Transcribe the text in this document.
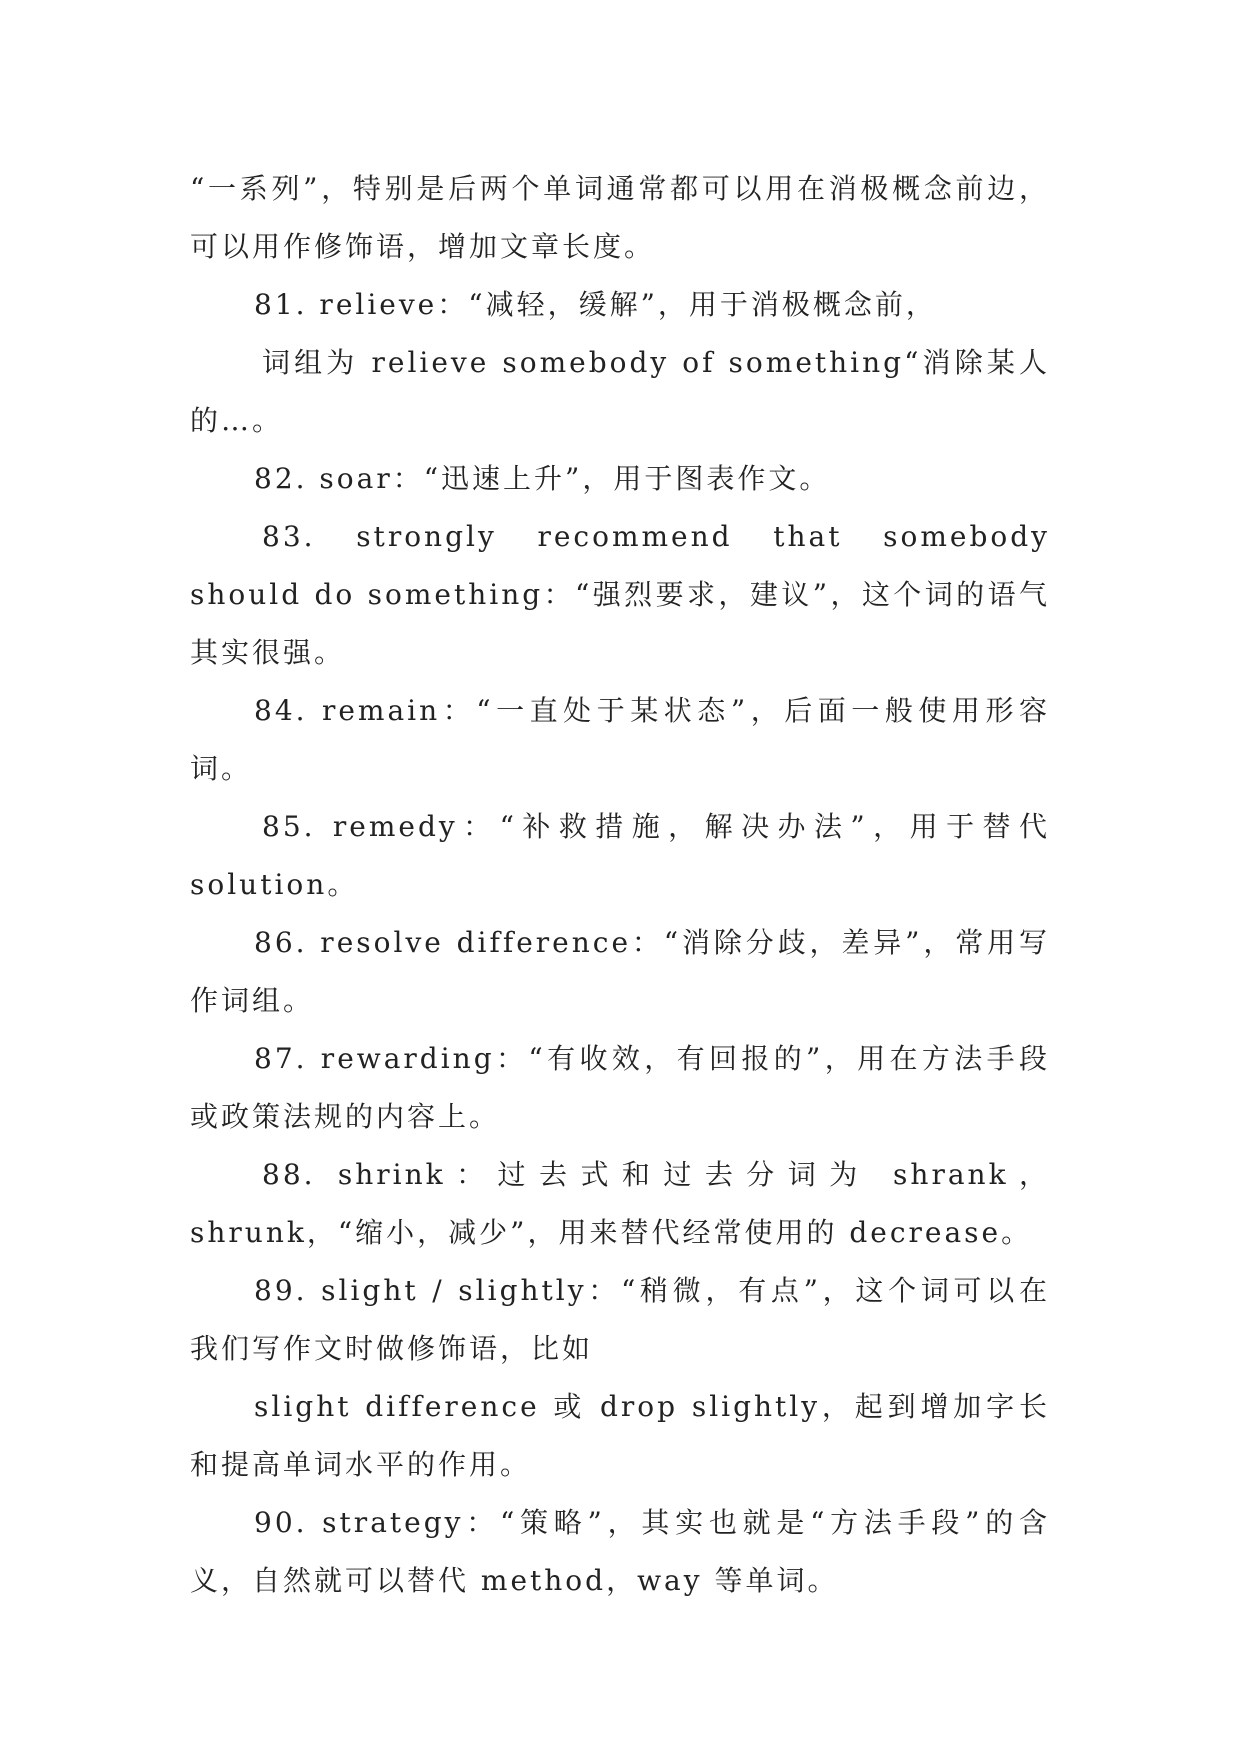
“一系列”，特别是后两个单词通常都可以用在消极概念前边，可以用作修饰语，增加文章长度。

81. relieve：“减轻，缓解”，用于消极概念前，

词组为 relieve somebody of something“消除某人的…。

82. soar：“迅速上升”，用于图表作文。

83. strongly recommend that somebody should do something：“强烈要求，建议”，这个词的语气其实很强。

84. remain：“一直处于某状态”，后面一般使用形容词。

85. remedy：“补救措施，解决办法”，用于替代 solution。

86. resolve difference：“消除分歧，差异”，常用写作词组。

87. rewarding：“有收效，有回报的”，用在方法手段或政策法规的内容上。

88. shrink：过去式和过去分词为 shrank，shrunk，“缩小，减少”，用来替代经常使用的 decrease。

89. slight / slightly：“稍微，有点”，这个词可以在我们写作文时做修饰语，比如

slight difference 或 drop slightly，起到增加字长和提高单词水平的作用。

90. strategy：“策略”，其实也就是“方法手段”的含义，自然就可以替代 method，way 等单词。
